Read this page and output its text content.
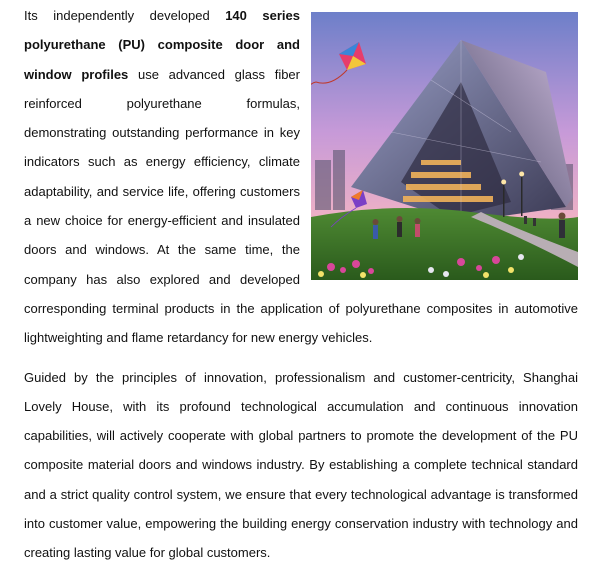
Its independently developed 140 series polyurethane (PU) composite door and window profiles use advanced glass fiber reinforced polyurethane formulas, demonstrating outstanding performance in key indicators such as energy efficiency, climate adaptability, and service life, offering customers a new choice for energy-efficient and insulated doors and windows. At the same time, the company has also explored and developed corresponding terminal products in the application of polyurethane composites in automotive lightweighting and flame retardancy for new energy vehicles.

Guided by the principles of innovation, professionalism and customer-centricity, Shanghai Lovely House, with its profound technological accumulation and continuous innovation capabilities, will actively cooperate with global partners to promote the development of the PU composite material doors and windows industry. By establishing a complete technical standard and a strict quality control system, we ensure that every technological advantage is transformed into customer value, empowering the building energy conservation industry with technology and creating lasting value for global customers.
